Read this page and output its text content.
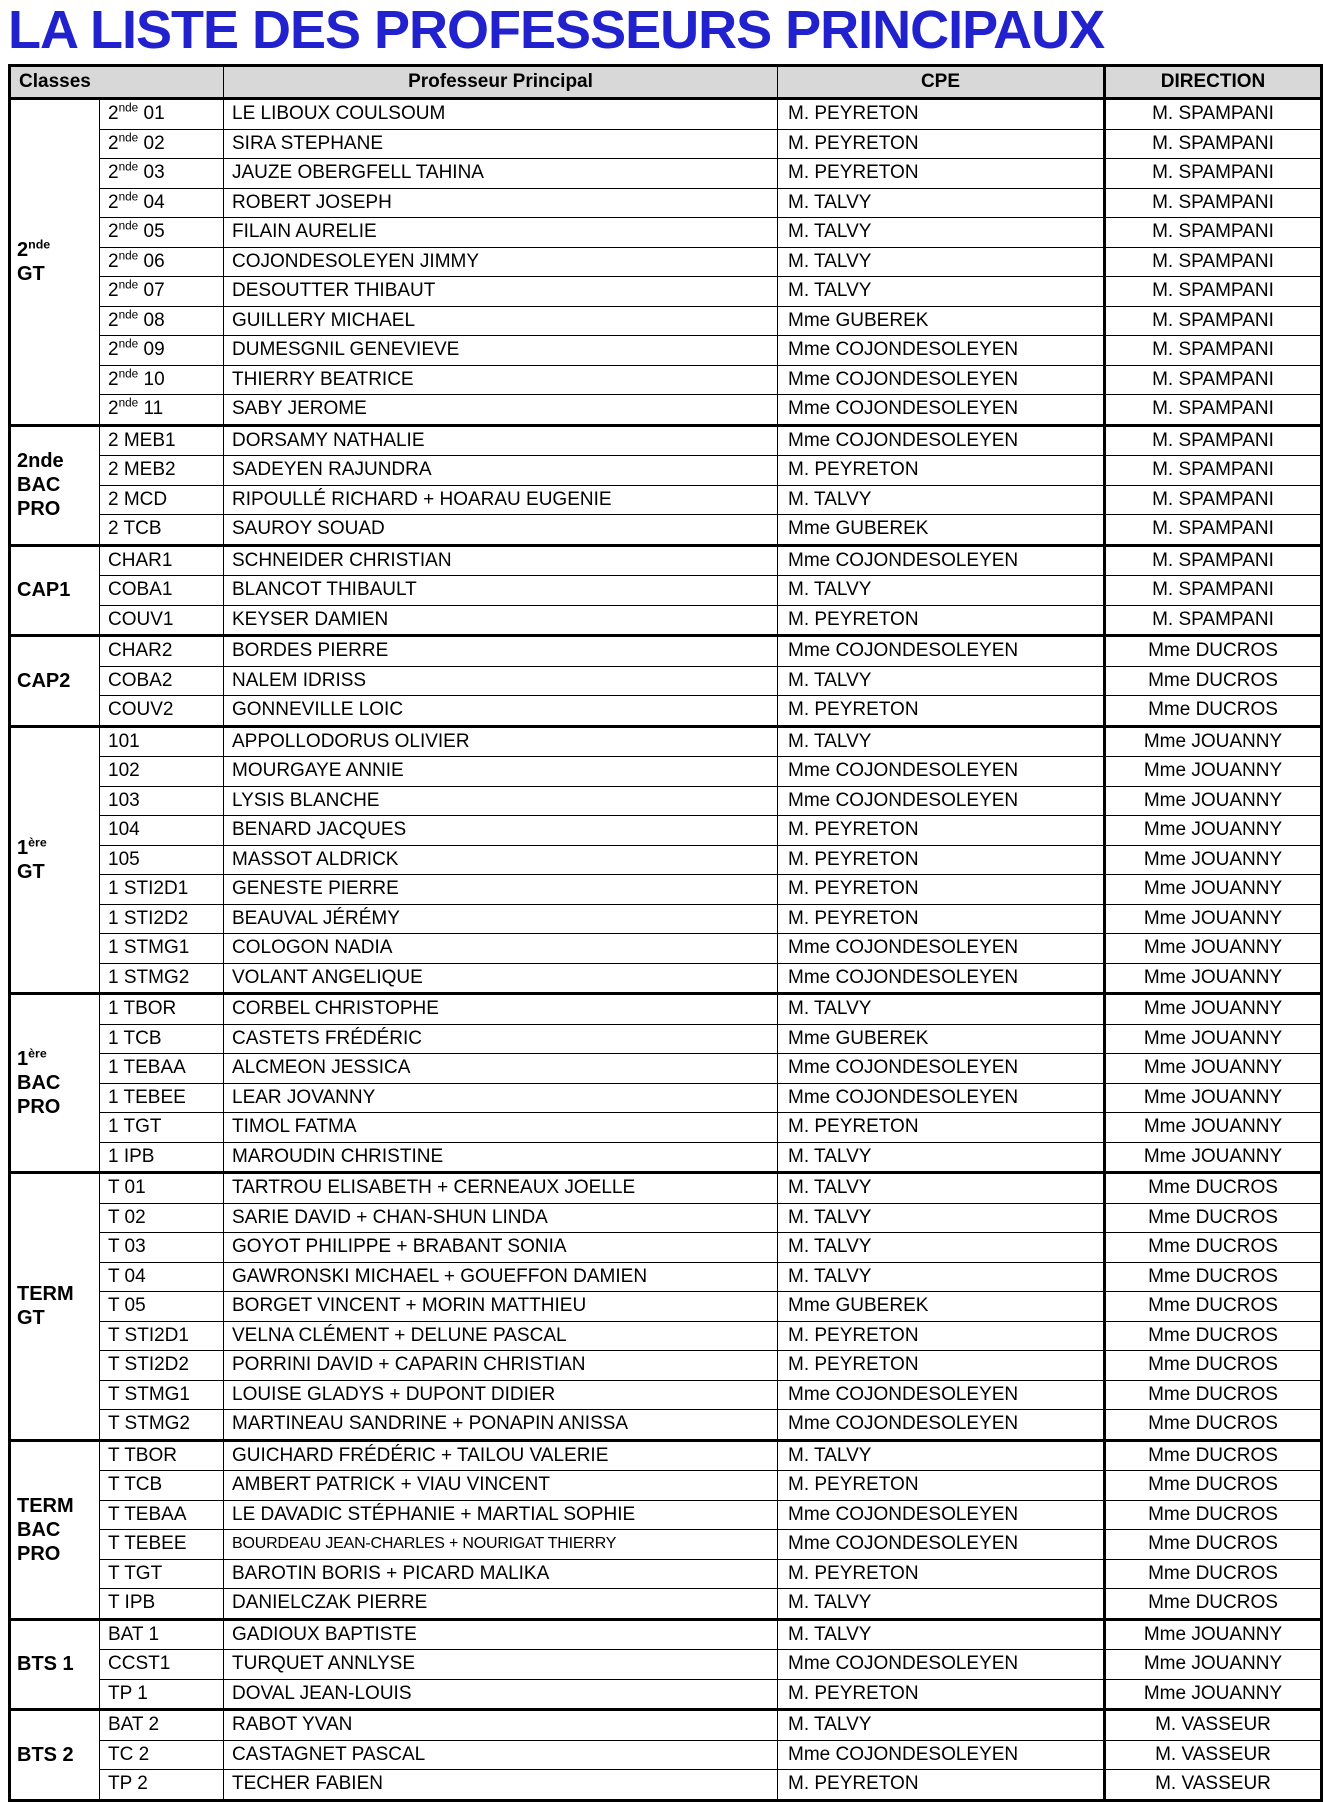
LA LISTE DES PROFESSEURS PRINCIPAUX
Classes		Professeur Principal	CPE	DIRECTION
2nde
GT	2nde 01	LE LIBOUX COULSOUM	M. PEYRETON	M. SPAMPANI
	2nde 02	SIRA STEPHANE	M. PEYRETON	M. SPAMPANI
	2nde 03	JAUZE OBERGFELL TAHINA	M. PEYRETON	M. SPAMPANI
	2nde 04	ROBERT JOSEPH	M. TALVY	M. SPAMPANI
	2nde 05	FILAIN AURELIE	M. TALVY	M. SPAMPANI
	2nde 06	COJONDESOLEYEN JIMMY	M. TALVY	M. SPAMPANI
	2nde 07	DESOUTTER THIBAUT	M. TALVY	M. SPAMPANI
	2nde 08	GUILLERY MICHAEL	Mme GUBEREK	M. SPAMPANI
	2nde 09	DUMESGNIL GENEVIEVE	Mme COJONDESOLEYEN	M. SPAMPANI
	2nde 10	THIERRY BEATRICE	Mme COJONDESOLEYEN	M. SPAMPANI
	2nde 11	SABY JEROME	Mme COJONDESOLEYEN	M. SPAMPANI
2nde
BAC
PRO	2 MEB1	DORSAMY NATHALIE	Mme COJONDESOLEYEN	M. SPAMPANI
	2 MEB2	SADEYEN RAJUNDRA	M. PEYRETON	M. SPAMPANI
	2 MCD	RIPOULLÉ RICHARD + HOARAU EUGENIE	M. TALVY	M. SPAMPANI
	2 TCB	SAUROY SOUAD	Mme GUBEREK	M. SPAMPANI
CAP1	CHAR1	SCHNEIDER CHRISTIAN	Mme COJONDESOLEYEN	M. SPAMPANI
	COBA1	BLANCOT THIBAULT	M. TALVY	M. SPAMPANI
	COUV1	KEYSER DAMIEN	M. PEYRETON	M. SPAMPANI
CAP2	CHAR2	BORDES PIERRE	Mme COJONDESOLEYEN	Mme DUCROS
	COBA2	NALEM IDRISS	M. TALVY	Mme DUCROS
	COUV2	GONNEVILLE LOIC	M. PEYRETON	Mme DUCROS
1ère
GT	101	APPOLLODORUS OLIVIER	M. TALVY	Mme JOUANNY
	102	MOURGAYE ANNIE	Mme COJONDESOLEYEN	Mme JOUANNY
	103	LYSIS BLANCHE	Mme COJONDESOLEYEN	Mme JOUANNY
	104	BENARD JACQUES	M. PEYRETON	Mme JOUANNY
	105	MASSOT ALDRICK	M. PEYRETON	Mme JOUANNY
	1 STI2D1	GENESTE PIERRE	M. PEYRETON	Mme JOUANNY
	1 STI2D2	BEAUVAL JÉRÉMY	M. PEYRETON	Mme JOUANNY
	1 STMG1	COLOGON NADIA	Mme COJONDESOLEYEN	Mme JOUANNY
	1 STMG2	VOLANT ANGELIQUE	Mme COJONDESOLEYEN	Mme JOUANNY
1ère
BAC
PRO	1 TBOR	CORBEL CHRISTOPHE	M. TALVY	Mme JOUANNY
	1 TCB	CASTETS FRÉDÉRIC	Mme GUBEREK	Mme JOUANNY
	1 TEBAA	ALCMEON JESSICA	Mme COJONDESOLEYEN	Mme JOUANNY
	1 TEBEE	LEAR JOVANNY	Mme COJONDESOLEYEN	Mme JOUANNY
	1 TGT	TIMOL FATMA	M. PEYRETON	Mme JOUANNY
	1 IPB	MAROUDIN CHRISTINE	M. TALVY	Mme JOUANNY
TERM
GT	T 01	TARTROU ELISABETH + CERNEAUX JOELLE	M. TALVY	Mme DUCROS
	T 02	SARIE DAVID + CHAN-SHUN LINDA	M. TALVY	Mme DUCROS
	T 03	GOYOT PHILIPPE + BRABANT SONIA	M. TALVY	Mme DUCROS
	T 04	GAWRONSKI MICHAEL + GOUEFFON DAMIEN	M. TALVY	Mme DUCROS
	T 05	BORGET VINCENT + MORIN MATTHIEU	Mme GUBEREK	Mme DUCROS
	T STI2D1	VELNA CLÉMENT + DELUNE PASCAL	M. PEYRETON	Mme DUCROS
	T STI2D2	PORRINI DAVID + CAPARIN CHRISTIAN	M. PEYRETON	Mme DUCROS
	T STMG1	LOUISE GLADYS + DUPONT DIDIER	Mme COJONDESOLEYEN	Mme DUCROS
	T STMG2	MARTINEAU SANDRINE + PONAPIN ANISSA	Mme COJONDESOLEYEN	Mme DUCROS
TERM
BAC
PRO	T TBOR	GUICHARD FRÉDÉRIC + TAILOU VALERIE	M. TALVY	Mme DUCROS
	T TCB	AMBERT PATRICK + VIAU VINCENT	M. PEYRETON	Mme DUCROS
	T TEBAA	LE DAVADIC STÉPHANIE + MARTIAL SOPHIE	Mme COJONDESOLEYEN	Mme DUCROS
	T TEBEE	BOURDEAU JEAN-CHARLES + NOURIGAT THIERRY	Mme COJONDESOLEYEN	Mme DUCROS
	T TGT	BAROTIN BORIS + PICARD MALIKA	M. PEYRETON	Mme DUCROS
	T IPB	DANIELCZAK PIERRE	M. TALVY	Mme DUCROS
BTS 1	BAT 1	GADIOUX BAPTISTE	M. TALVY	Mme JOUANNY
	CCST1	TURQUET ANNLYSE	Mme COJONDESOLEYEN	Mme JOUANNY
	TP 1	DOVAL JEAN-LOUIS	M. PEYRETON	Mme JOUANNY
BTS 2	BAT 2	RABOT YVAN	M. TALVY	M. VASSEUR
	TC 2	CASTAGNET PASCAL	Mme COJONDESOLEYEN	M. VASSEUR
	TP 2	TECHER FABIEN	M. PEYRETON	M. VASSEUR
